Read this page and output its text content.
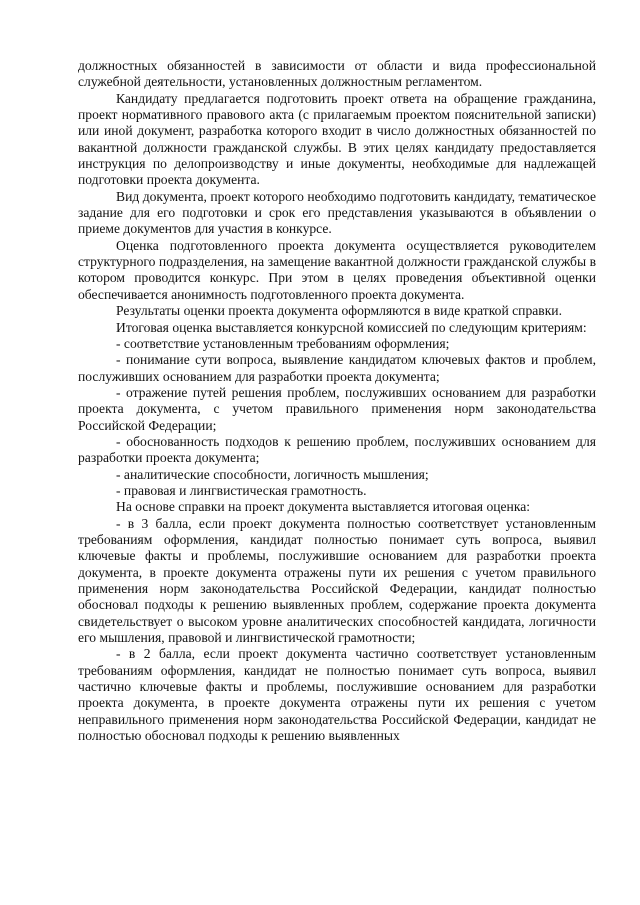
должностных обязанностей в зависимости от области и вида профессиональной служебной деятельности, установленных должностным регламентом.

Кандидату предлагается подготовить проект ответа на обращение гражданина, проект нормативного правового акта (с прилагаемым проектом пояснительной записки) или иной документ, разработка которого входит в число должностных обязанностей по вакантной должности гражданской службы. В этих целях кандидату предоставляется инструкция по делопроизводству и иные документы, необходимые для надлежащей подготовки проекта документа.

Вид документа, проект которого необходимо подготовить кандидату, тематическое задание для его подготовки и срок его представления указываются в объявлении о приеме документов для участия в конкурсе.

Оценка подготовленного проекта документа осуществляется руководителем структурного подразделения, на замещение вакантной должности гражданской службы в котором проводится конкурс. При этом в целях проведения объективной оценки обеспечивается анонимность подготовленного проекта документа.

Результаты оценки проекта документа оформляются в виде краткой справки.

Итоговая оценка выставляется конкурсной комиссией по следующим критериям:

- соответствие установленным требованиям оформления;

- понимание сути вопроса, выявление кандидатом ключевых фактов и проблем, послуживших основанием для разработки проекта документа;

- отражение путей решения проблем, послуживших основанием для разработки проекта документа, с учетом правильного применения норм законодательства Российской Федерации;

- обоснованность подходов к решению проблем, послуживших основанием для разработки проекта документа;

- аналитические способности, логичность мышления;

- правовая и лингвистическая грамотность.

На основе справки на проект документа выставляется итоговая оценка:

- в 3 балла, если проект документа полностью соответствует установленным требованиям оформления, кандидат полностью понимает суть вопроса, выявил ключевые факты и проблемы, послужившие основанием для разработки проекта документа, в проекте документа отражены пути их решения с учетом правильного применения норм законодательства Российской Федерации, кандидат полностью обосновал подходы к решению выявленных проблем, содержание проекта документа свидетельствует о высоком уровне аналитических способностей кандидата, логичности его мышления, правовой и лингвистической грамотности;

- в 2 балла, если проект документа частично соответствует установленным требованиям оформления, кандидат не полностью понимает суть вопроса, выявил частично ключевые факты и проблемы, послужившие основанием для разработки проекта документа, в проекте документа отражены пути их решения с учетом неправильного применения норм законодательства Российской Федерации, кандидат не полностью обосновал подходы к решению выявленных
